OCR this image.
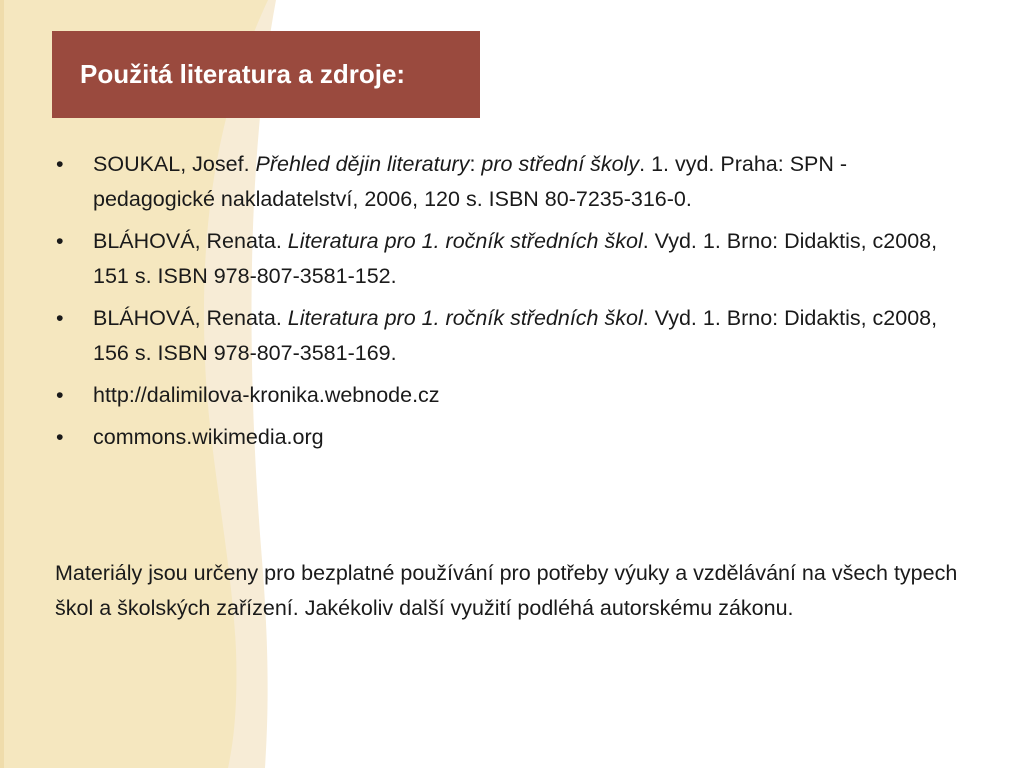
Použitá literatura a zdroje:
• SOUKAL, Josef. Přehled dějin literatury: pro střední školy. 1. vyd. Praha: SPN - pedagogické nakladatelství, 2006, 120 s. ISBN 80-7235-316-0.
• BLÁHOVÁ, Renata. Literatura pro 1. ročník středních škol. Vyd. 1. Brno: Didaktis, c2008, 151 s. ISBN 978-807-3581-152.
• BLÁHOVÁ, Renata. Literatura pro 1. ročník středních škol. Vyd. 1. Brno: Didaktis, c2008, 156 s. ISBN 978-807-3581-169.
• http://dalimilova-kronika.webnode.cz
• commons.wikimedia.org

Materiály jsou určeny pro bezplatné používání pro potřeby výuky a vzdělávání na všech typech škol a školských zařízení. Jakékoliv další využití podléhá autorskému zákonu.
